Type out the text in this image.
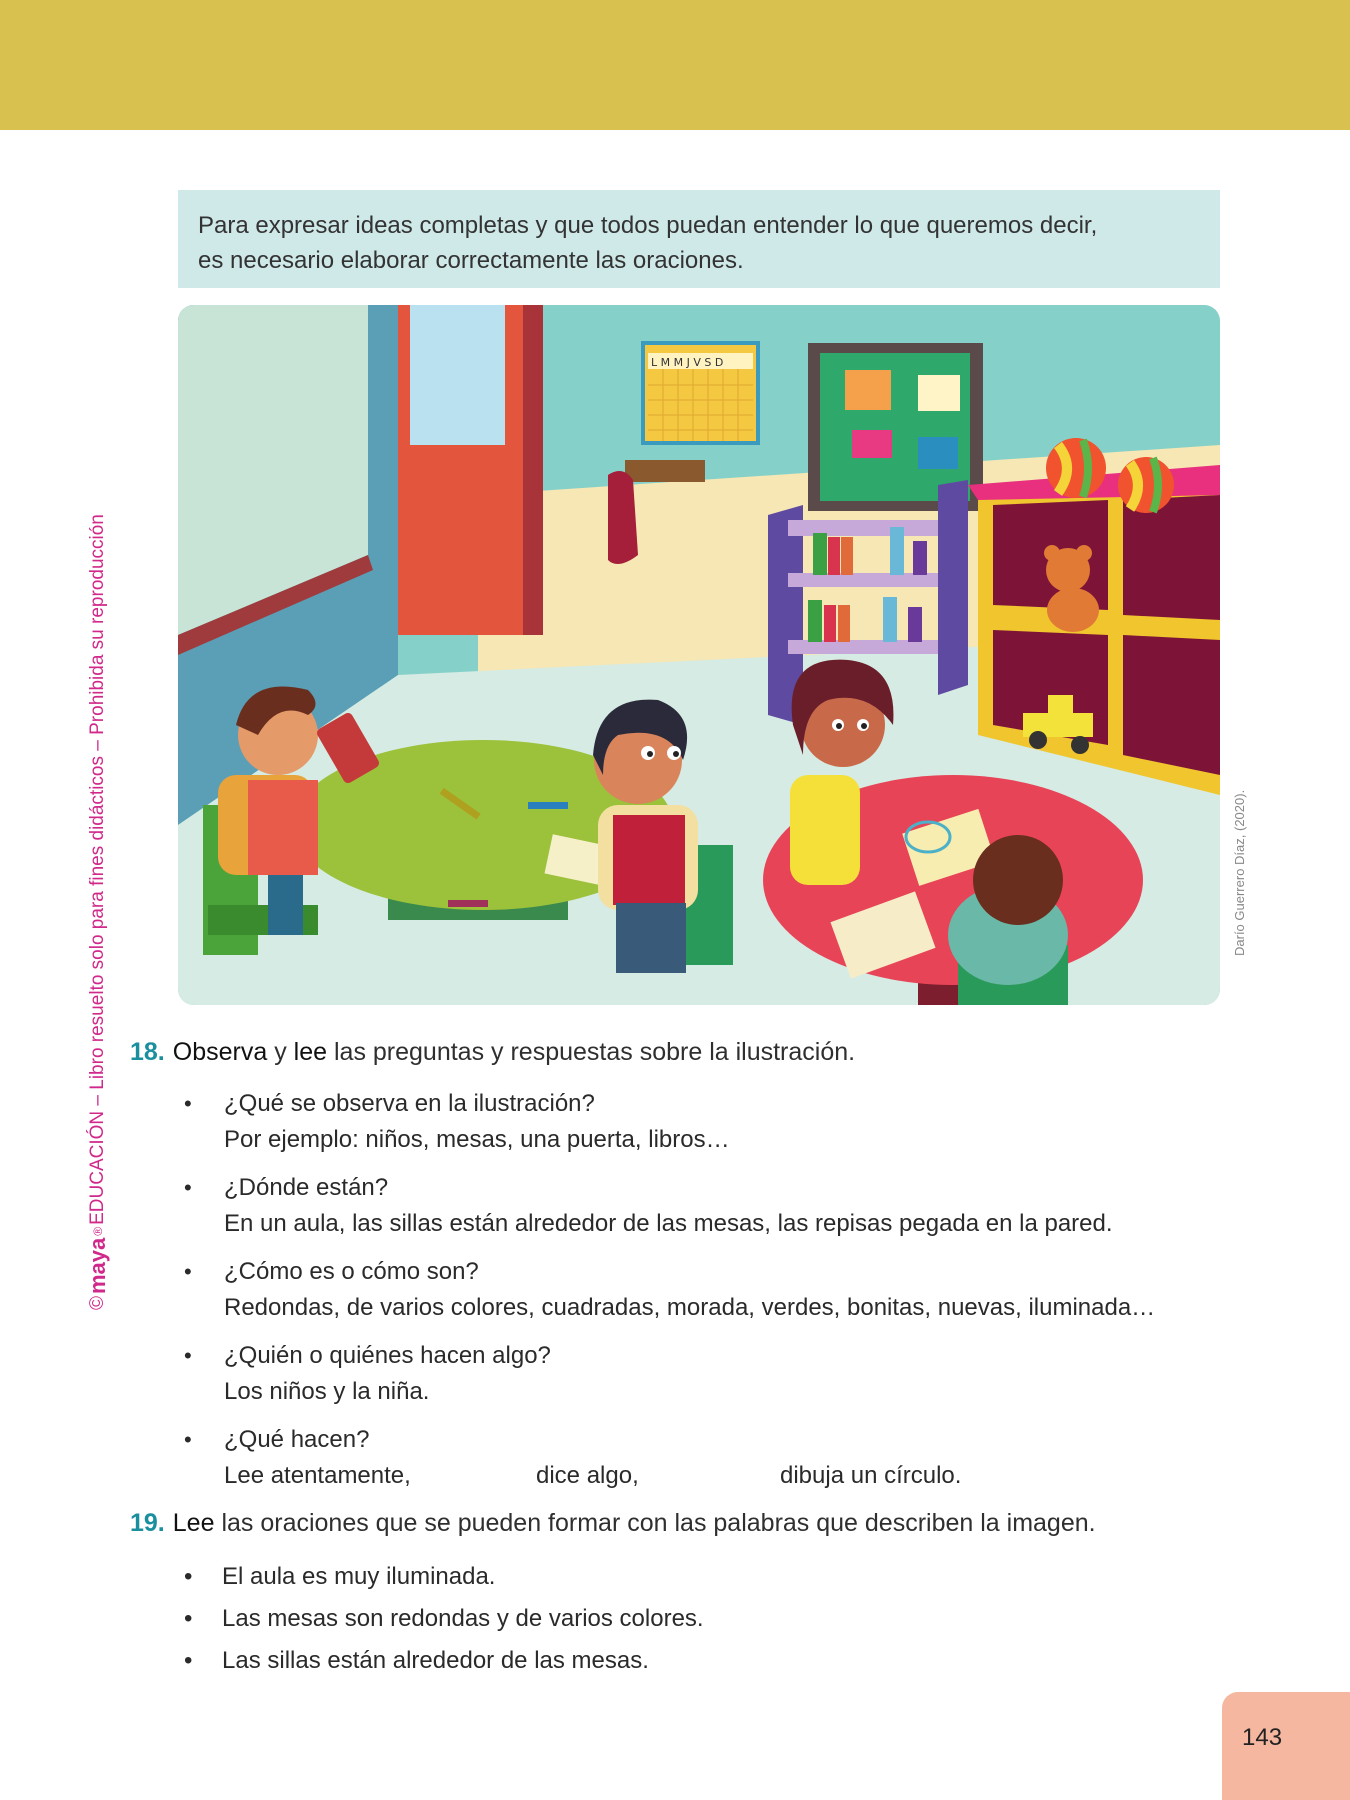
©
maya
®
EDUCACIÓN – Libro resuelto solo para fines didácticos – Prohibida su reproducción

Para expresar ideas completas y que todos puedan entender lo que queremos decir,

es necesario elaborar correctamente las oraciones.

L M M J V S D
Darío Guerrero Díaz, (2020).
18. Observa y lee las preguntas y respuestas sobre la ilustración.
• ¿Qué se observa en la ilustración?
Por ejemplo: niños, mesas, una puerta, libros…
• ¿Dónde están?
En un aula, las sillas están alrededor de las mesas, las repisas pegada en la pared.
• ¿Cómo es o cómo son?
Redondas, de varios colores, cuadradas, morada, verdes, bonitas, nuevas, iluminada…
• ¿Quién o quiénes hacen algo?
Los niños y la niña.
• ¿Qué hacen?
Lee atentamente,	dice algo,	dibuja un círculo.
19. Lee las oraciones que se pueden formar con las palabras que describen la imagen.
• El aula es muy iluminada.
• Las mesas son redondas y de varios colores.
• Las sillas están alrededor de las mesas.
143
